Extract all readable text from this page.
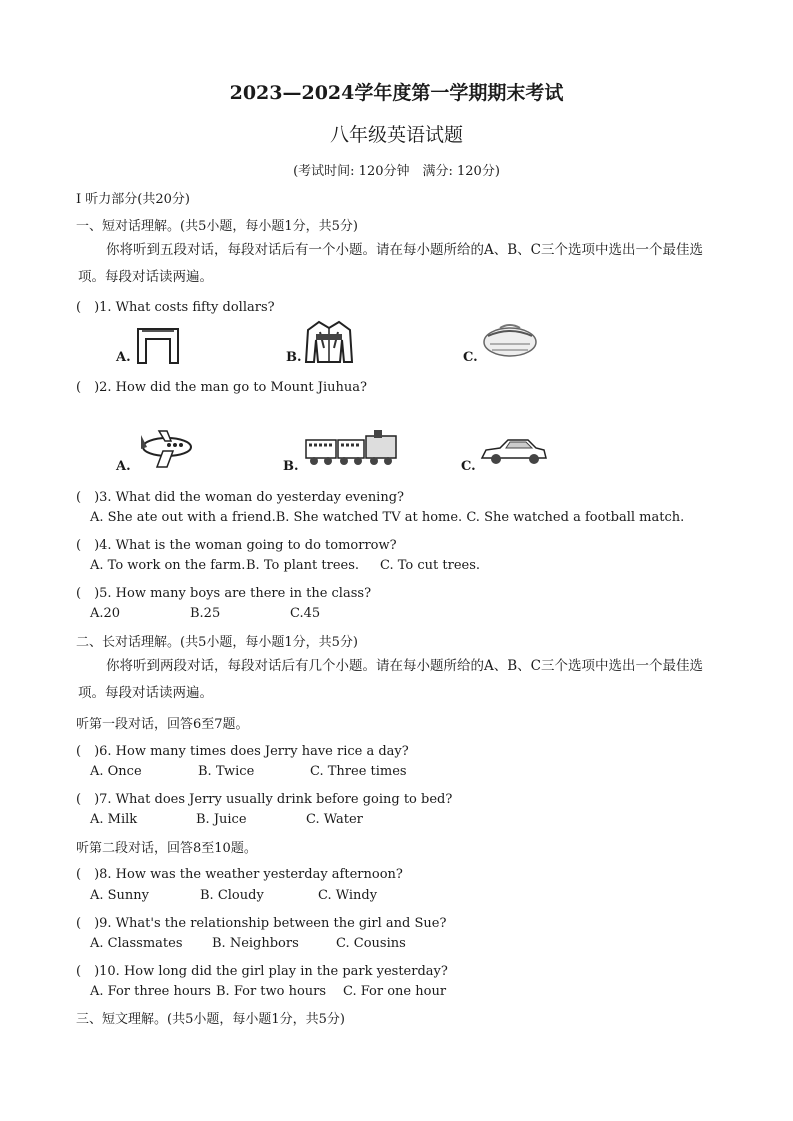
2023—2024学年度第一学期期末考试
八年级英语试题
(考试时间: 120分钟　满分: 120分)
Ⅰ 听力部分(共20分)
一、短对话理解。(共5小题，每小题1分，共5分)
你将听到五段对话，每段对话后有一个小题。请在每小题所给的A、B、C三个选项中选出一个最佳选项。每段对话读两遍。
(　)1. What costs fifty dollars?
A.	B.	C.
(　)2. How did the man go to Mount Jiuhua?
A.	B.	C.
(　)3. What did the woman do yesterday evening?
A. She ate out with a friend.B. She watched TV at home. C. She watched a football match.
(　)4. What is the woman going to do tomorrow?
A. To work on the farm. B. To plant trees. C. To cut trees.
(　)5. How many boys are there in the class?
A.20	B.25	C.45
二、长对话理解。(共5小题，每小题1分，共5分)
你将听到两段对话，每段对话后有几个小题。请在每小题所给的A、B、C三个选项中选出一个最佳选项。每段对话读两遍。
听第一段对话，回答6至7题。
(　)6. How many times does Jerry have rice a day?
A. Once	B. Twice	C. Three times
(　)7. What does Jerry usually drink before going to bed?
A. Milk	B. Juice	C. Water
听第二段对话，回答8至10题。
(　)8. How was the weather yesterday afternoon?
A. Sunny	B. Cloudy	C. Windy
(　)9. What's the relationship between the girl and Sue?
A. Classmates B. Neighbors	C. Cousins
(　)10. How long did the girl play in the park yesterday?
A. For three hours B. For two hours C. For one hour
三、短文理解。(共5小题，每小题1分，共5分)
